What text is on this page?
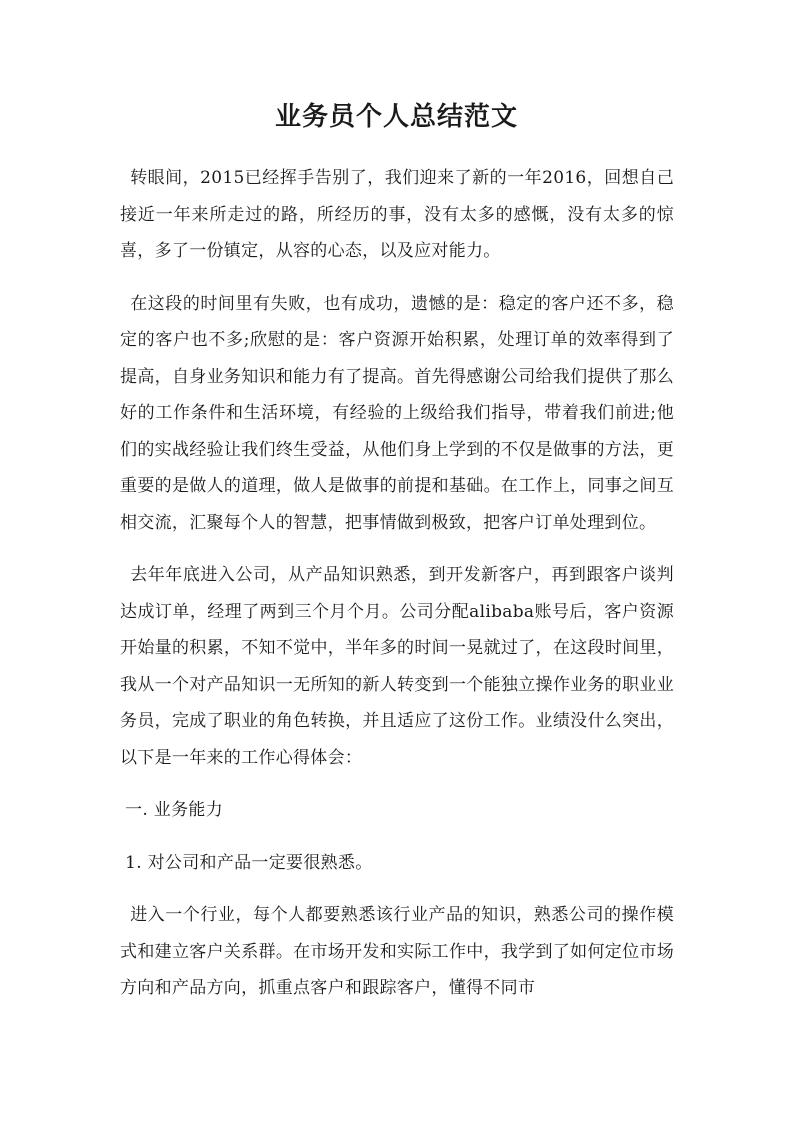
业务员个人总结范文

转眼间，2015已经挥手告别了，我们迎来了新的一年2016，回想自己接近一年来所走过的路，所经历的事，没有太多的感慨，没有太多的惊喜，多了一份镇定，从容的心态，以及应对能力。

在这段的时间里有失败，也有成功，遗憾的是：稳定的客户还不多，稳定的客户也不多;欣慰的是：客户资源开始积累，处理订单的效率得到了提高，自身业务知识和能力有了提高。首先得感谢公司给我们提供了那么好的工作条件和生活环境，有经验的上级给我们指导，带着我们前进;他们的实战经验让我们终生受益，从他们身上学到的不仅是做事的方法，更重要的是做人的道理，做人是做事的前提和基础。在工作上，同事之间互相交流，汇聚每个人的智慧，把事情做到极致，把客户订单处理到位。

去年年底进入公司，从产品知识熟悉，到开发新客户，再到跟客户谈判达成订单，经理了两到三个月个月。公司分配alibaba账号后，客户资源开始量的积累，不知不觉中，半年多的时间一晃就过了，在这段时间里，我从一个对产品知识一无所知的新人转变到一个能独立操作业务的职业业务员，完成了职业的角色转换，并且适应了这份工作。业绩没什么突出，以下是一年来的工作心得体会：

一. 业务能力

1. 对公司和产品一定要很熟悉。

进入一个行业，每个人都要熟悉该行业产品的知识，熟悉公司的操作模式和建立客户关系群。在市场开发和实际工作中，我学到了如何定位市场方向和产品方向，抓重点客户和跟踪客户，懂得不同市
